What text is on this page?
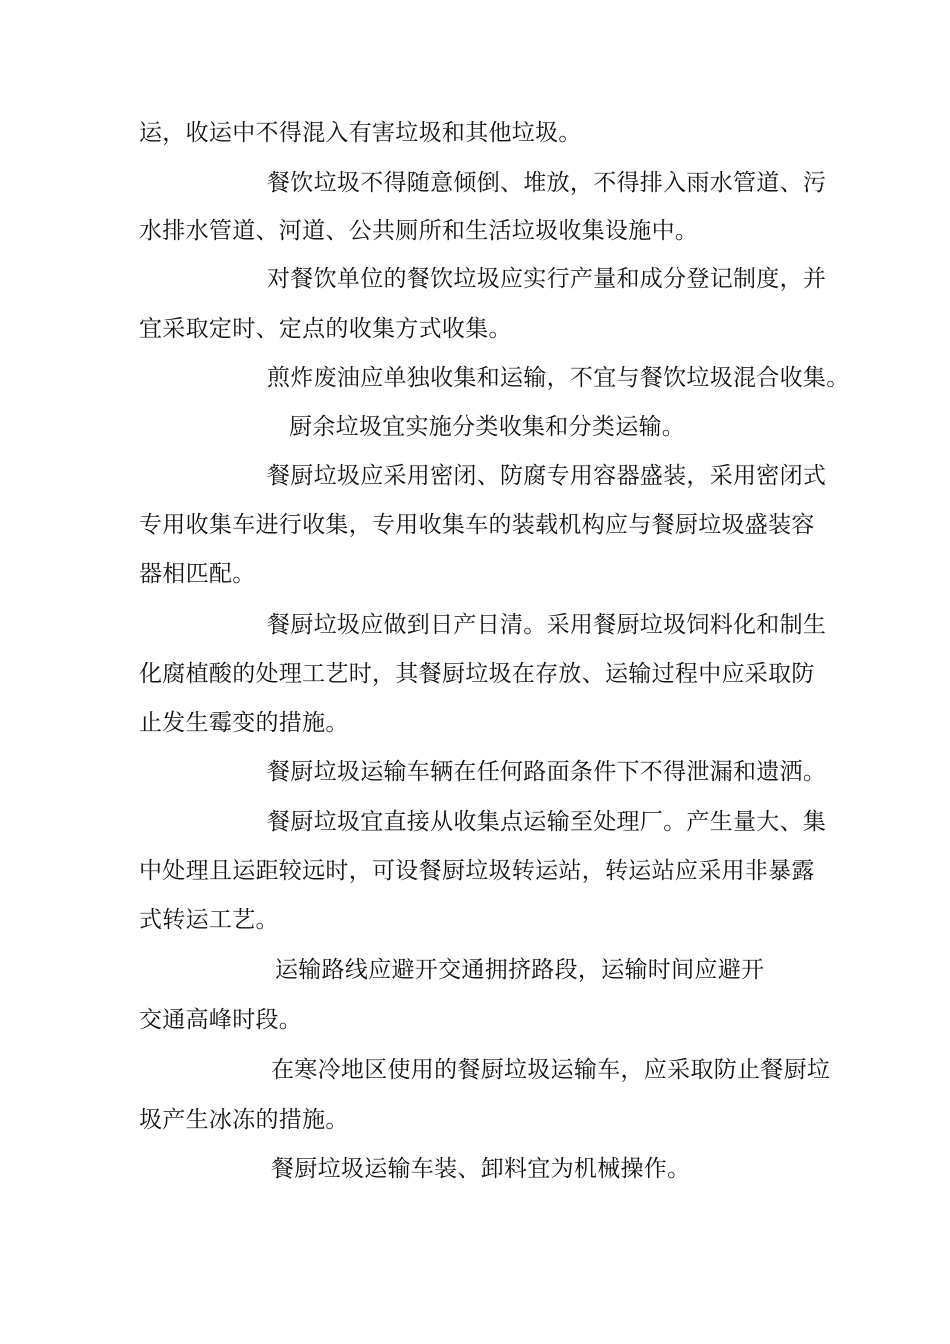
运，收运中不得混入有害垃圾和其他垃圾。
餐饮垃圾不得随意倾倒、堆放，不得排入雨水管道、污
水排水管道、河道、公共厕所和生活垃圾收集设施中。
对餐饮单位的餐饮垃圾应实行产量和成分登记制度，并
宜采取定时、定点的收集方式收集。
煎炸废油应单独收集和运输，不宜与餐饮垃圾混合收集。
厨余垃圾宜实施分类收集和分类运输。
餐厨垃圾应采用密闭、防腐专用容器盛装，采用密闭式
专用收集车进行收集，专用收集车的装载机构应与餐厨垃圾盛装容
器相匹配。
餐厨垃圾应做到日产日清。采用餐厨垃圾饲料化和制生
化腐植酸的处理工艺时，其餐厨垃圾在存放、运输过程中应采取防
止发生霉变的措施。
餐厨垃圾运输车辆在任何路面条件下不得泄漏和遗洒。
餐厨垃圾宜直接从收集点运输至处理厂。产生量大、集
中处理且运距较远时，可设餐厨垃圾转运站，转运站应采用非暴露
式转运工艺。
运输路线应避开交通拥挤路段，运输时间应避开
交通高峰时段。
在寒冷地区使用的餐厨垃圾运输车，应采取防止餐厨垃
圾产生冰冻的措施。
餐厨垃圾运输车装、卸料宜为机械操作。
